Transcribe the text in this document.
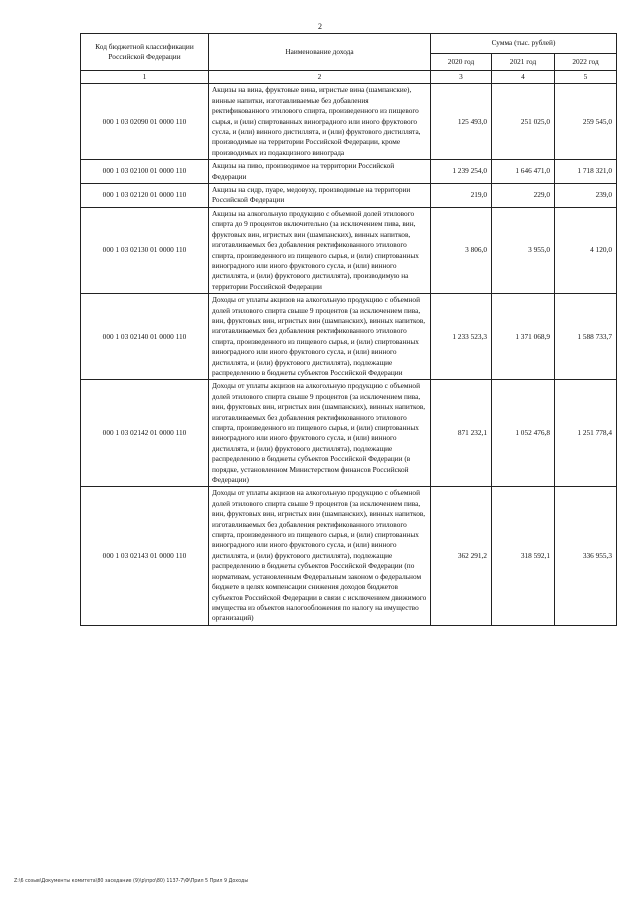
2
Код бюджетной классификации Российской Федерации	Наименование дохода	Сумма (тыс. рублей)		
		2020 год	2021 год	2022 год
1	2	3	4	5
000 1 03 02090 01 0000 110	Акцизы на вина, фруктовые вина, игристые вина (шампанские), винные напитки, изготавливаемые без добавления ректификованного этилового спирта, произведенного из пищевого сырья, и (или) спиртованных виноградного или иного фруктового сусла, и (или) винного дистиллята, и (или) фруктового дистиллята, производимые на территории Российской Федерации, кроме производимых из подакцизного винограда	125 493,0	251 025,0	259 545,0
000 1 03 02100 01 0000 110	Акцизы на пиво, производимое на территории Российской Федерации	1 239 254,0	1 646 471,0	1 718 321,0
000 1 03 02120 01 0000 110	Акцизы на сидр, пуаре, медовуху, производимые на территории Российской Федерации	219,0	229,0	239,0
000 1 03 02130 01 0000 110	Акцизы на алкогольную продукцию с объемной долей этилового спирта до 9 процентов включительно (за исключением пива, вин, фруктовых вин, игристых вин (шампанских), винных напитков, изготавливаемых без добавления ректификованного этилового спирта, произведенного из пищевого сырья, и (или) спиртованных виноградного или иного фруктового сусла, и (или) винного дистиллята, и (или) фруктового дистиллята), производимую на территории Российской Федерации	3 806,0	3 955,0	4 120,0
000 1 03 02140 01 0000 110	Доходы от уплаты акцизов на алкогольную продукцию с объемной долей этилового спирта свыше 9 процентов (за исключением пива, вин, фруктовых вин, игристых вин (шампанских), винных напитков, изготавливаемых без добавления ректификованного этилового спирта, произведенного из пищевого сырья, и (или) спиртованных виноградного или иного фруктового сусла, и (или) винного дистиллята, и (или) фруктового дистиллята), подлежащие распределению в бюджеты субъектов Российской Федерации	1 233 523,3	1 371 068,9	1 588 733,7
000 1 03 02142 01 0000 110	Доходы от уплаты акцизов на алкогольную продукцию с объемной долей этилового спирта свыше 9 процентов (за исключением пива, вин, фруктовых вин, игристых вин (шампанских), винных напитков, изготавливаемых без добавления ректификованного этилового спирта, произведенного из пищевого сырья, и (или) спиртованных виноградного или иного фруктового сусла, и (или) винного дистиллята, и (или) фруктового дистиллята), подлежащие распределению в бюджеты субъектов Российской Федерации (в порядке, установленном Министерством финансов Российской Федерации)	871 232,1	1 052 476,8	1 251 778,4
000 1 03 02143 01 0000 110	Доходы от уплаты акцизов на алкогольную продукцию с объемной долей этилового спирта свыше 9 процентов (за исключением пива, вин, фруктовых вин, игристых вин (шампанских), винных напитков, изготавливаемых без добавления ректификованного этилового спирта, произведенного из пищевого сырья, и (или) спиртованных виноградного или иного фруктового сусла, и (или) винного дистиллята, и (или) фруктового дистиллята), подлежащие распределению в бюджеты субъектов Российской Федерации (по нормативам, установленным Федеральным законом о федеральном бюджете в целях компенсации снижения доходов бюджетов субъектов Российской Федерации в связи с исключением движимого имущества из объектов налогообложения по налогу на имущество организаций)	362 291,2	318 592,1	336 955,3
Z:\6 созыв\Документы комитета\80 заседание (9)\р\про\80) 1137-7\Ф\Прил 5 Прил 9 Доходы
